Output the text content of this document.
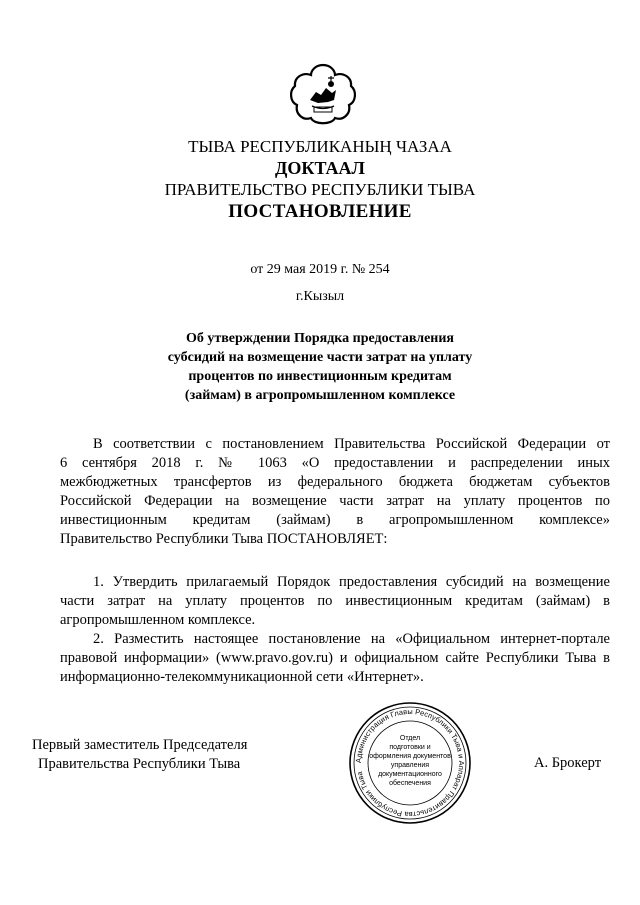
ТЫВА РЕСПУБЛИКАНЫҢ ЧАЗАА
ДОКТААЛ
ПРАВИТЕЛЬСТВО РЕСПУБЛИКИ ТЫВА
ПОСТАНОВЛЕНИЕ
от 29 мая 2019 г. № 254
г.Кызыл
Об утверждении Порядка предоставления
субсидий на возмещение части затрат на уплату
процентов по инвестиционным кредитам
(займам) в агропромышленном комплексе
В соответствии с постановлением Правительства Российской Федерации от
6 сентября 2018 г. № 1063 «О предоставлении и распределении иных
межбюджетных трансфертов из федерального бюджета бюджетам субъектов
Российской Федерации на возмещение части затрат на уплату процентов по
инвестиционным кредитам (займам) в агропромышленном комплексе»
Правительство Республики Тыва ПОСТАНОВЛЯЕТ:
1. Утвердить прилагаемый Порядок предоставления субсидий на возмещение
части затрат на уплату процентов по инвестиционным кредитам (займам) в
агропромышленном комплексе.
2. Разместить настоящее постановление на «Официальном интернет-портале
правовой информации» (www.pravo.gov.ru) и официальном сайте Республики Тыва в
информационно-телекоммуникационной сети «Интернет».
Первый заместитель Председателя
Правительства Республики Тыва	А. Брокерт
Администрация Главы Республики Тыва и Аппарат Правительства Республики Тыва
Отдел
подготовки и
оформления документов
управления
документационного
обеспечения
